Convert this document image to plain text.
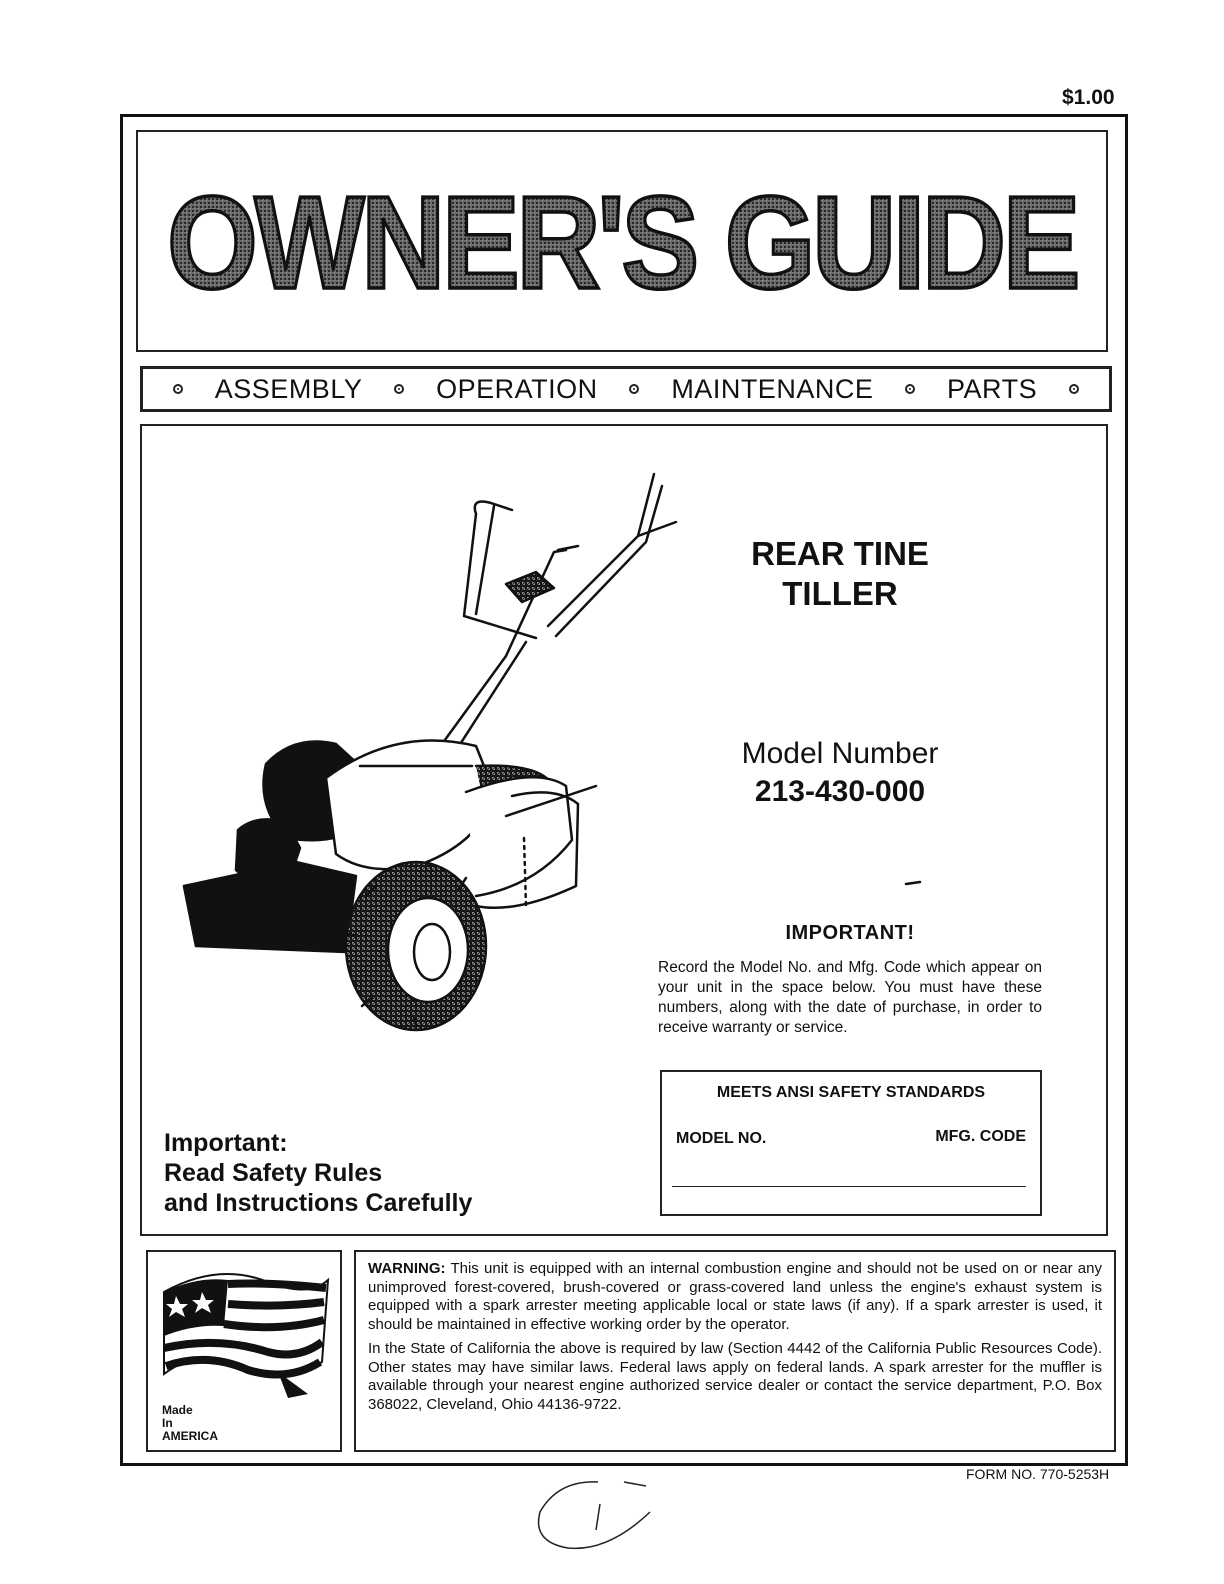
$1.00
OWNER'S GUIDE
ASSEMBLY	OPERATION	MAINTENANCE	PARTS
REAR TINE
TILLER
Model Number
213-430-000
IMPORTANT!
Record the Model No. and Mfg. Code which appear on your unit in the space below. You must have these numbers, along with the date of purchase, in order to receive warranty or service.
MEETS ANSI SAFETY STANDARDS
MODEL NO.	MFG. CODE
Important:
Read Safety Rules
and Instructions Carefully
Made
In
AMERICA

WARNING: This unit is equipped with an internal combustion engine and should not be used on or near any unimproved forest-covered, brush-covered or grass-covered land unless the engine's exhaust system is equipped with a spark arrester meeting applicable local or state laws (if any). If a spark arrester is used, it should be maintained in effective working order by the operator.

In the State of California the above is required by law (Section 4442 of the California Public Resources Code). Other states may have similar laws. Federal laws apply on federal lands. A spark arrester for the muffler is available through your nearest engine authorized service dealer or contact the service department, P.O. Box 368022, Cleveland, Ohio 44136-9722.

FORM NO. 770-5253H
